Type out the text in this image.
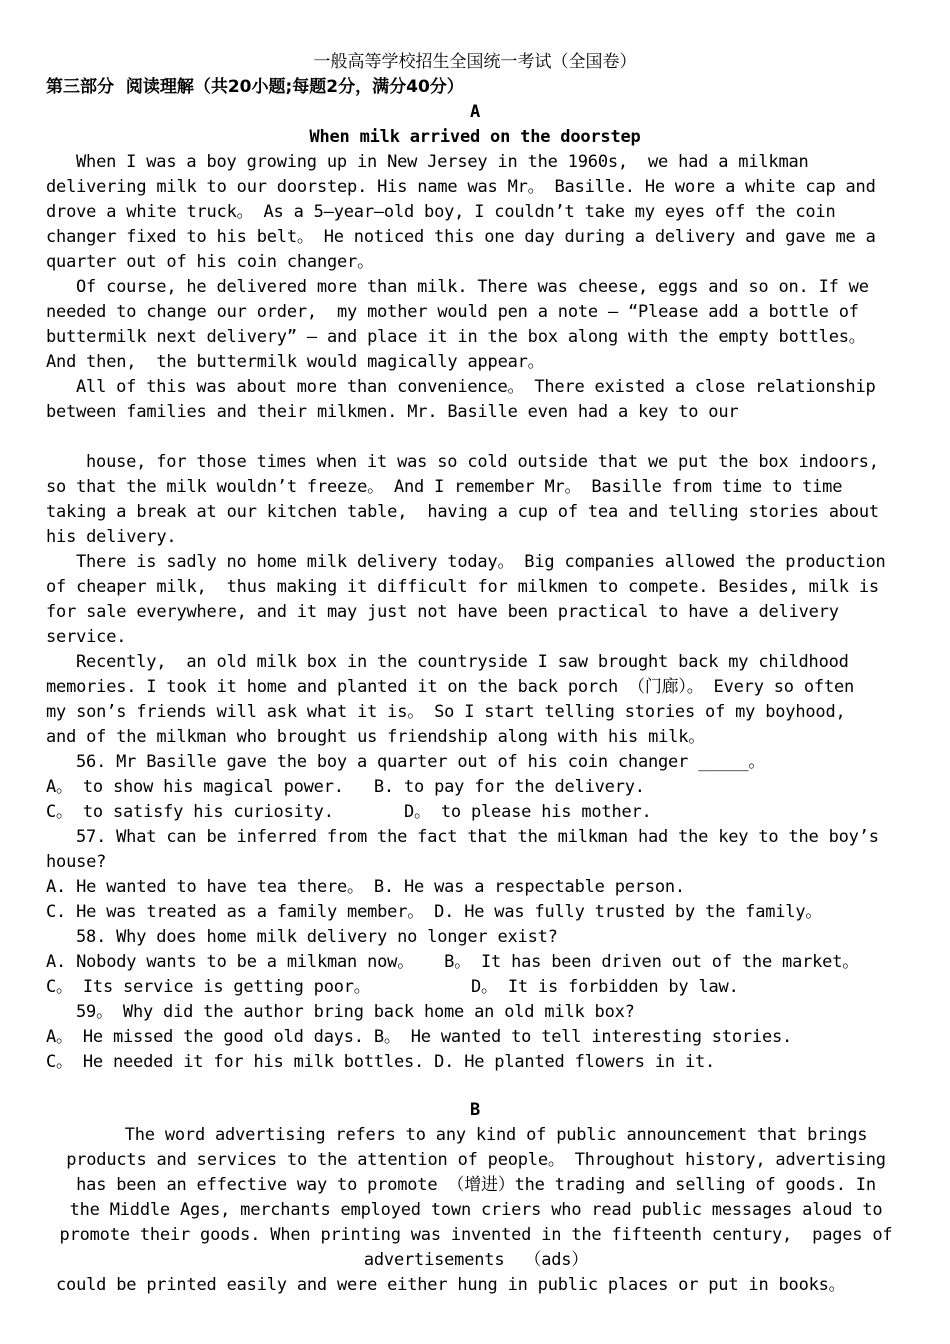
一般高等学校招生全国统一考试（全国卷）
第三部分  阅读理解（共20小题;每题2分，满分40分）
A
When milk arrived on the doorstep
When I was a boy growing up in New Jersey in the 1960s,  we had a milkman
delivering milk to our doorstep. His name was Mr。 Basille. He wore a white cap and
drove a white truck。 As a 5—year—old boy, I couldn’t take my eyes off the coin
changer fixed to his belt。 He noticed this one day during a delivery and gave me a
quarter out of his coin changer。
Of course, he delivered more than milk. There was cheese, eggs and so on. If we
needed to change our order,  my mother would pen a note — “Please add a bottle of
buttermilk next delivery” — and place it in the box along with the empty bottles。
And then,  the buttermilk would magically appear。
All of this was about more than convenience。 There existed a close relationship
between families and their milkmen. Mr. Basille even had a key to our
house, for those times when it was so cold outside that we put the box indoors,
so that the milk wouldn’t freeze。 And I remember Mr。 Basille from time to time
taking a break at our kitchen table,  having a cup of tea and telling stories about
his delivery.
There is sadly no home milk delivery today。 Big companies allowed the production
of cheaper milk,  thus making it difficult for milkmen to compete. Besides, milk is
for sale everywhere, and it may just not have been practical to have a delivery
service.
Recently,  an old milk box in the countryside I saw brought back my childhood
memories. I took it home and planted it on the back porch （门廊）。 Every so often
my son’s friends will ask what it is。 So I start telling stories of my boyhood,
and of the milkman who brought us friendship along with his milk。
56. Mr Basille gave the boy a quarter out of his coin changer _____。
A。 to show his magical power.   B. to pay for the delivery.
C。 to satisfy his curiosity.       D。 to please his mother.
57. What can be inferred from the fact that the milkman had the key to the boy’s
house?
A. He wanted to have tea there。 B. He was a respectable person.
C. He was treated as a family member。 D. He was fully trusted by the family。
58. Why does home milk delivery no longer exist?
A. Nobody wants to be a milkman now。   B。 It has been driven out of the market。
C。 Its service is getting poor。          D。 It is forbidden by law.
59。 Why did the author bring back home an old milk box?
A。 He missed the good old days. B。 He wanted to tell interesting stories.
C。 He needed it for his milk bottles. D. He planted flowers in it.
B
The word advertising refers to any kind of public announcement that brings
products and services to the attention of people。 Throughout history, advertising
has been an effective way to promote （增进）the trading and selling of goods. In
the Middle Ages, merchants employed town criers who read public messages aloud to
promote their goods. When printing was invented in the fifteenth century,  pages of
advertisements  （ads）
could be printed easily and were either hung in public places or put in books。
